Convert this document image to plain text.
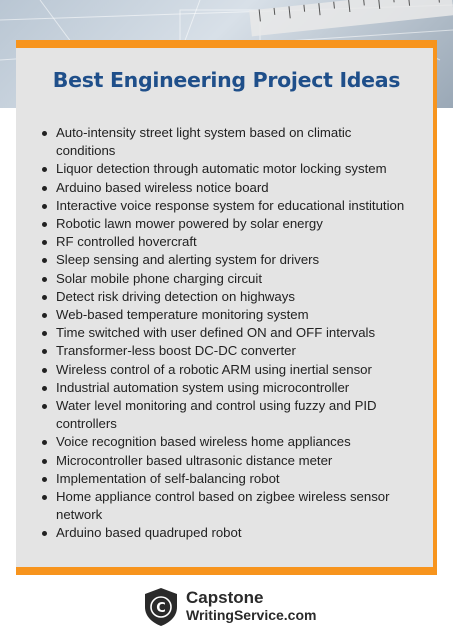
Best Engineering Project Ideas
Auto-intensity street light system based on climatic conditions
Liquor detection through automatic motor locking system
Arduino based wireless notice board
Interactive voice response system for educational institution
Robotic lawn mower powered by solar energy
RF controlled hovercraft
Sleep sensing and alerting system for drivers
Solar mobile phone charging circuit
Detect risk driving detection on highways
Web-based temperature monitoring system
Time switched with user defined ON and OFF intervals
Transformer-less boost DC-DC converter
Wireless control of a robotic ARM using inertial sensor
Industrial automation system using microcontroller
Water level monitoring and control using fuzzy and PID controllers
Voice recognition based wireless home appliances
Microcontroller based ultrasonic distance meter
Implementation of self-balancing robot
Home appliance control based on zigbee wireless sensor network
Arduino based quadruped robot
C
Capstone
WritingService.com
